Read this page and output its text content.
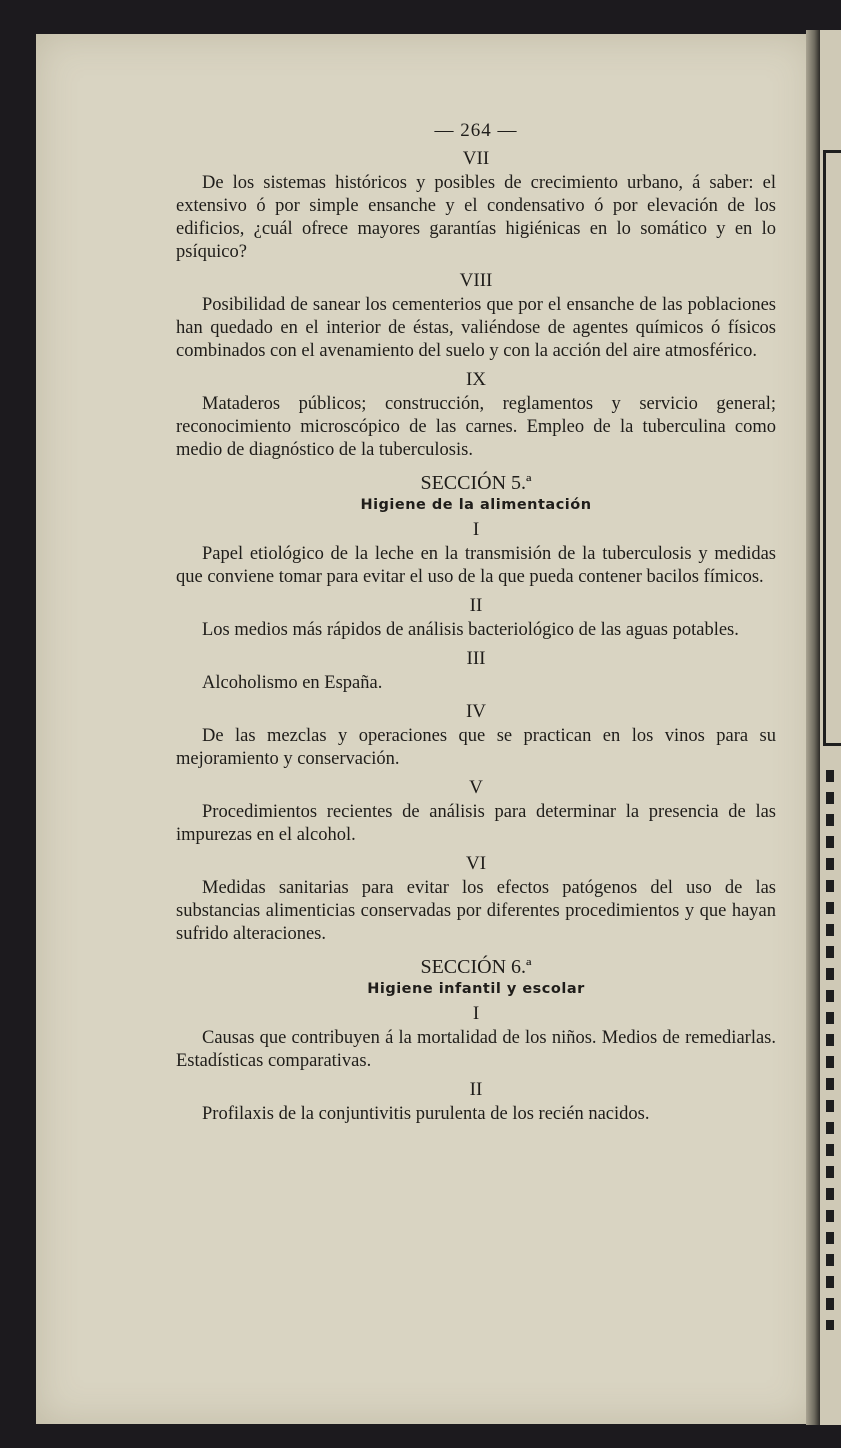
— 264 —
VII

De los sistemas históricos y posibles de crecimiento urbano, á saber: el extensivo ó por simple ensanche y el condensativo ó por elevación de los edificios, ¿cuál ofrece mayores garantías higiénicas en lo somático y en lo psíquico?

VIII

Posibilidad de sanear los cementerios que por el ensanche de las poblaciones han quedado en el interior de éstas, valiéndose de agentes químicos ó físicos combinados con el avenamiento del suelo y con la acción del aire atmosférico.

IX

Mataderos públicos; construcción, reglamentos y servicio general; reconocimiento microscópico de las carnes. Empleo de la tuberculina como medio de diagnóstico de la tuberculosis.

SECCIÓN 5.ª
Higiene de la alimentación
I

Papel etiológico de la leche en la transmisión de la tuberculosis y medidas que conviene tomar para evitar el uso de la que pueda contener bacilos fímicos.

II

Los medios más rápidos de análisis bacteriológico de las aguas potables.

III

Alcoholismo en España.

IV

De las mezclas y operaciones que se practican en los vinos para su mejoramiento y conservación.

V

Procedimientos recientes de análisis para determinar la presencia de las impurezas en el alcohol.

VI

Medidas sanitarias para evitar los efectos patógenos del uso de las substancias alimenticias conservadas por diferentes procedimientos y que hayan sufrido alteraciones.

SECCIÓN 6.ª
Higiene infantil y escolar
I

Causas que contribuyen á la mortalidad de los niños. Medios de remediarlas. Estadísticas comparativas.

II

Profilaxis de la conjuntivitis purulenta de los recién nacidos.
